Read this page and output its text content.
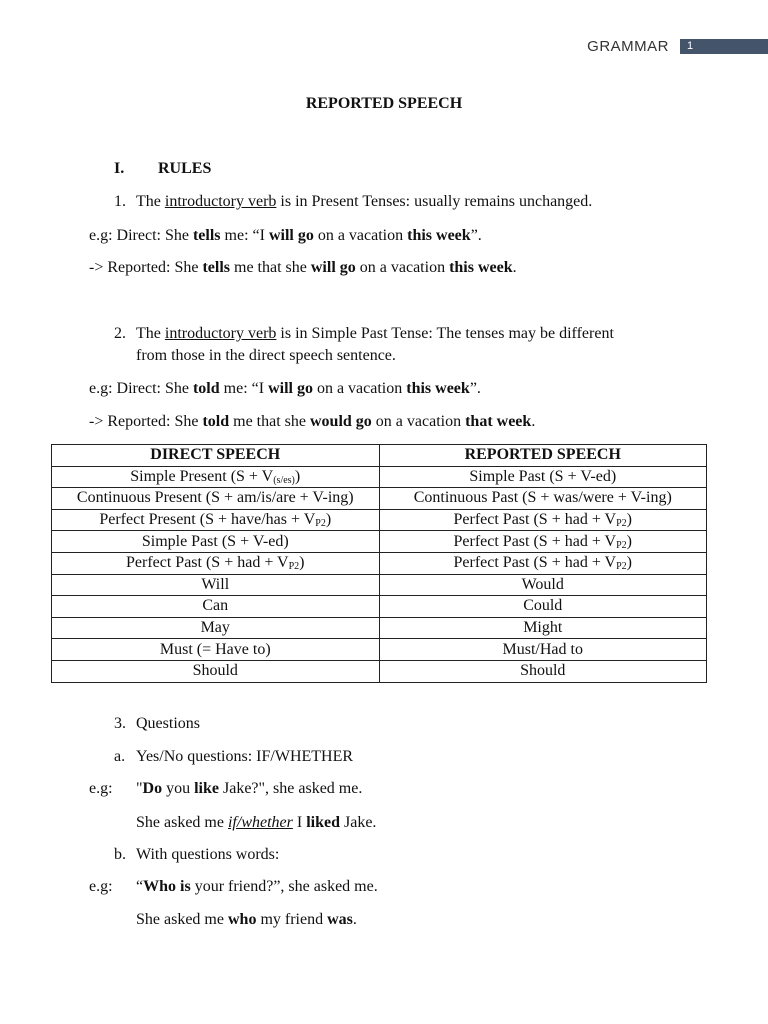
GRAMMAR 1
REPORTED SPEECH
I. RULES
1. The introductory verb is in Present Tenses: usually remains unchanged.
e.g: Direct: She tells me: “I will go on a vacation this week”.
-> Reported: She tells me that she will go on a vacation this week.
2. The introductory verb is in Simple Past Tense: The tenses may be different
from those in the direct speech sentence.
e.g: Direct: She told me: “I will go on a vacation this week”.
-> Reported: She told me that she would go on a vacation that week.
DIRECT SPEECH	REPORTED SPEECH
Simple Present $(S + V_{(s/es)})$	Simple Past (S + V-ed)
Continuous Present (S + am/is/are + V-ing)	Continuous Past (S + was/were + V-ing)
Perfect Present (S + have/has + $V_{P2}$)	Perfect Past (S + had + $V_{P2}$)
Simple Past (S + V-ed)	Perfect Past (S + had + $V_{P2}$)
Perfect Past (S + had + $V_{P2}$)	Perfect Past (S + had + $V_{P2}$)
Will	Would
Can	Could
May	Might
Must (= Have to)	Must/Had to
Should	Should
3. Questions
a. Yes/No questions: IF/WHETHER
e.g: "Do you like Jake?", she asked me.
She asked me if/whether I liked Jake.
b. With questions words:
e.g: “Who is your friend?”, she asked me.
She asked me who my friend was.
